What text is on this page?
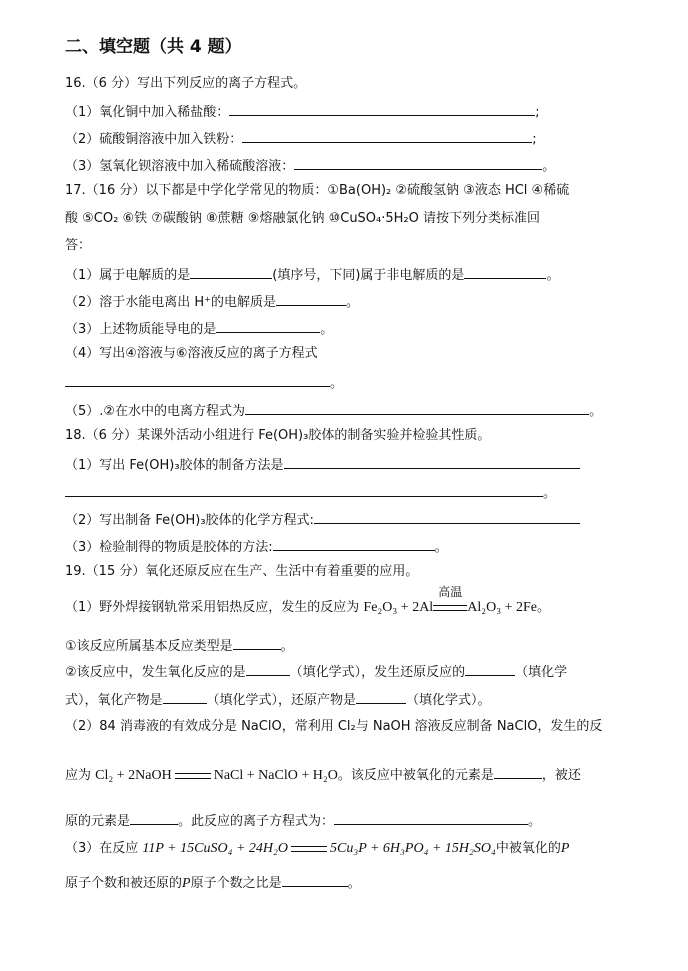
二、填空题（共 4 题）
16.（6 分）写出下列反应的离子方程式。
（1）氧化铜中加入稀盐酸：	;
（2）硫酸铜溶液中加入铁粉：	;
（3）氢氧化钡溶液中加入稀硫酸溶液：	。
17.（16 分）以下都是中学化学常见的物质：①Ba(OH)₂ ②硫酸氢钠 ③液态 HCl ④稀硫
酸 ⑤CO₂ ⑥铁 ⑦碳酸钠 ⑧蔗糖 ⑨熔融氯化钠 ⑩CuSO₄·5H₂O 请按下列分类标准回
答：
（1）属于电解质的是	(填序号，下同)属于非电解质的是	。
（2）溶于水能电离出 H⁺的电解质是	。
（3）上述物质能导电的是	。
（4）写出④溶液与⑥溶液反应的离子方程式
。
（5）.②在水中的电离方程式为	。
18.（6 分）某课外活动小组进行 Fe(OH)₃胶体的制备实验并检验其性质。
（1）写出 Fe(OH)₃胶体的制备方法是
。
（2）写出制备 Fe(OH)₃胶体的化学方程式:
（3）检验制得的物质是胶体的方法:	。
19.（15 分）氧化还原反应在生产、生活中有着重要的应用。
（1）野外焊接钢轨常采用铝热反应，发生的反应为 Fe₂O₃ + 2Al
高温
Al₂O₃ + 2Fe。
①该反应所属基本反应类型是	。
②该反应中，发生氧化反应的是	（填化学式），发生还原反应的	（填化学
式），氧化产物是	（填化学式），还原产物是	（填化学式）。
（2）84 消毒液的有效成分是 NaClO，常利用 Cl₂与 NaOH 溶液反应制备 NaClO，发生的反
应为 Cl₂ + 2NaOH	NaCl + NaClO + H₂O。该反应中被氧化的元素是	，被还
原的元素是	。此反应的离子方程式为：	。
（3）在反应 11P + 15CuSO₄ + 24H₂O	5Cu₃P + 6H₃PO₄ + 15H₂SO₄中被氧化的P
原子个数和被还原的P原子个数之比是	。
